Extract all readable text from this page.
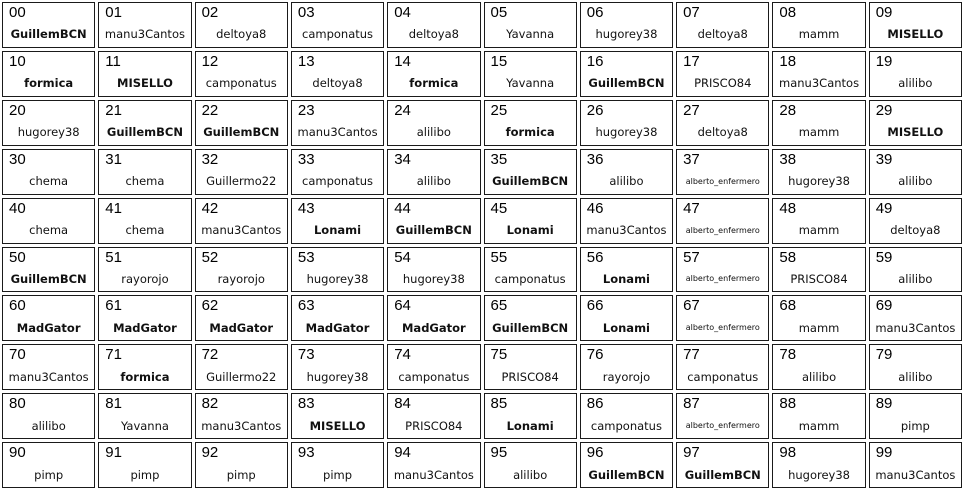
00
GuillemBCN
01
manu3Cantos
02
deltoya8
03
camponatus
04
deltoya8
05
Yavanna
06
hugorey38
07
deltoya8
08
mamm
09
MISELLO
10
formica
11
MISELLO
12
camponatus
13
deltoya8
14
formica
15
Yavanna
16
GuillemBCN
17
PRISCO84
18
manu3Cantos
19
alilibo
20
hugorey38
21
GuillemBCN
22
GuillemBCN
23
manu3Cantos
24
alilibo
25
formica
26
hugorey38
27
deltoya8
28
mamm
29
MISELLO
30
chema
31
chema
32
Guillermo22
33
camponatus
34
alilibo
35
GuillemBCN
36
alilibo
37
alberto_enfermero
38
hugorey38
39
alilibo
40
chema
41
chema
42
manu3Cantos
43
Lonami
44
GuillemBCN
45
Lonami
46
manu3Cantos
47
alberto_enfermero
48
mamm
49
deltoya8
50
GuillemBCN
51
rayorojo
52
rayorojo
53
hugorey38
54
hugorey38
55
camponatus
56
Lonami
57
alberto_enfermero
58
PRISCO84
59
alilibo
60
MadGator
61
MadGator
62
MadGator
63
MadGator
64
MadGator
65
GuillemBCN
66
Lonami
67
alberto_enfermero
68
mamm
69
manu3Cantos
70
manu3Cantos
71
formica
72
Guillermo22
73
hugorey38
74
camponatus
75
PRISCO84
76
rayorojo
77
camponatus
78
alilibo
79
alilibo
80
alilibo
81
Yavanna
82
manu3Cantos
83
MISELLO
84
PRISCO84
85
Lonami
86
camponatus
87
alberto_enfermero
88
mamm
89
pimp
90
pimp
91
pimp
92
pimp
93
pimp
94
manu3Cantos
95
alilibo
96
GuillemBCN
97
GuillemBCN
98
hugorey38
99
manu3Cantos
